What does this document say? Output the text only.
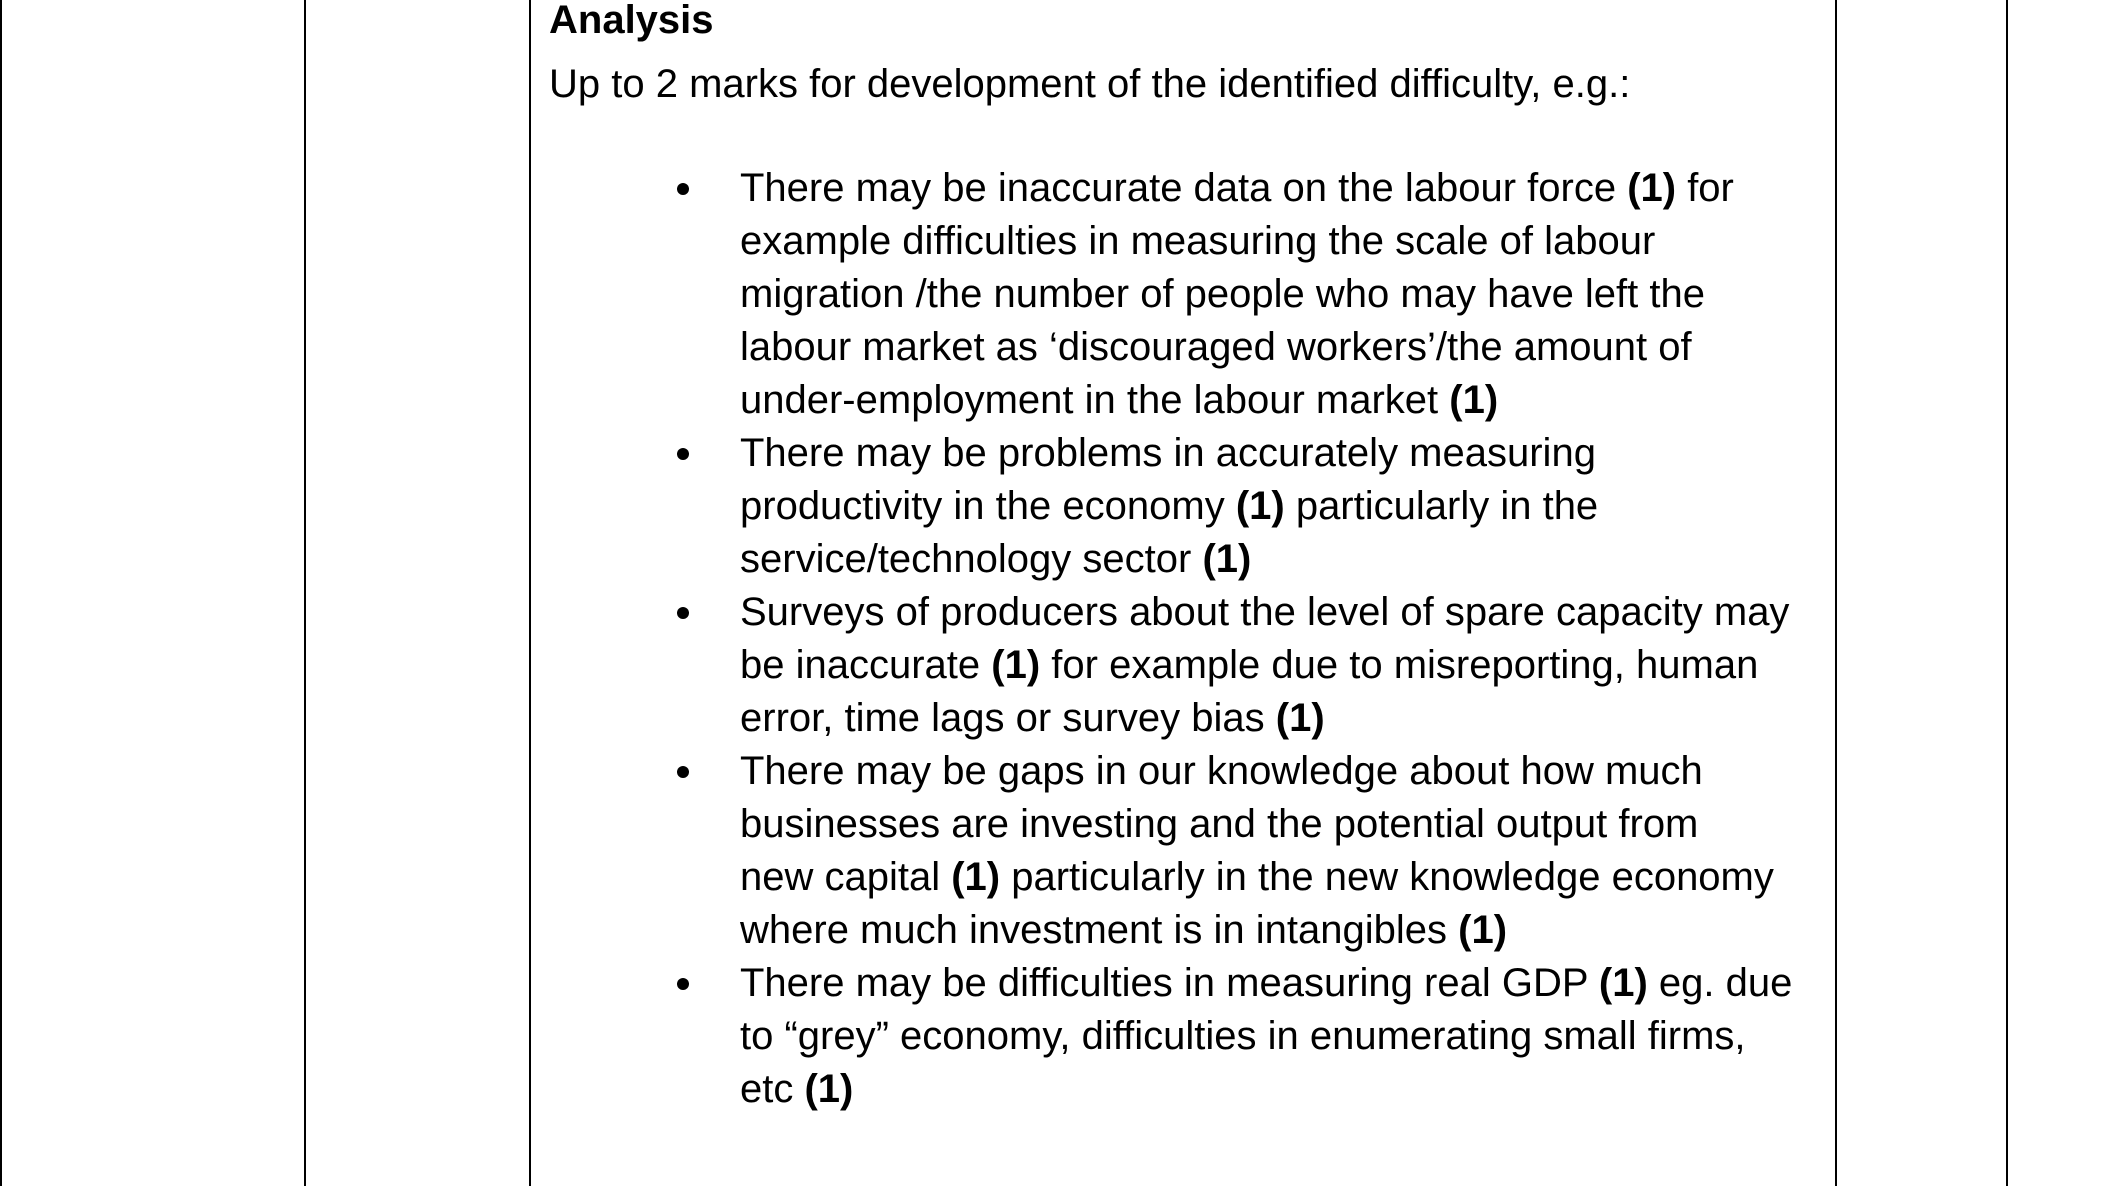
Analysis
Up to 2 marks for development of the identified difficulty, e.g.:
There may be inaccurate data on the labour force (1) for
example difficulties in measuring the scale of labour
migration /the number of people who may have left the
labour market as ‘discouraged workers’/the amount of
under-employment in the labour market (1)
There may be problems in accurately measuring
productivity in the economy (1) particularly in the
service/technology sector (1)
Surveys of producers about the level of spare capacity may
be inaccurate (1) for example due to misreporting, human
error, time lags or survey bias (1)
There may be gaps in our knowledge about how much
businesses are investing and the potential output from
new capital (1) particularly in the new knowledge economy
where much investment is in intangibles (1)
There may be difficulties in measuring real GDP (1) eg. due
to “grey” economy, difficulties in enumerating small firms,
etc (1)
